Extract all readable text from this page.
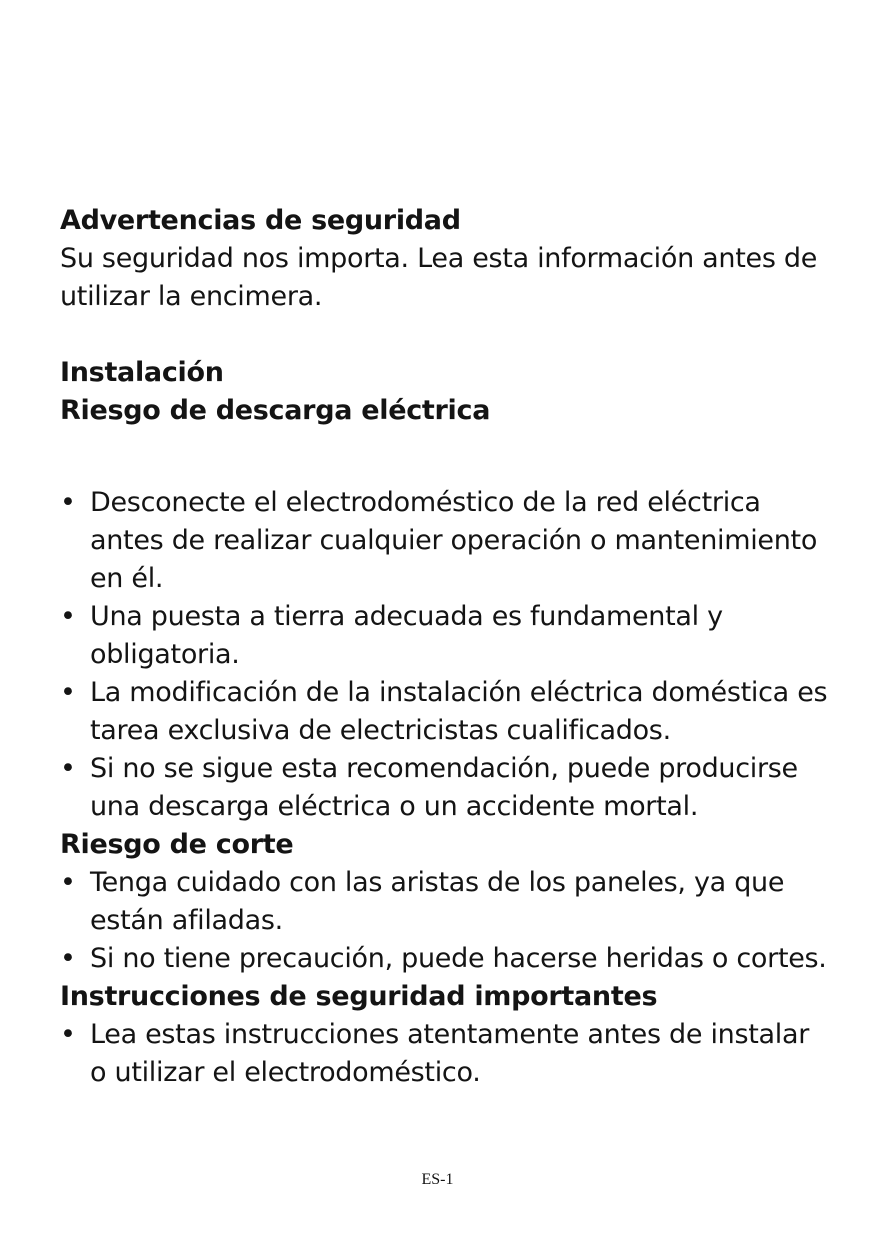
Advertencias de seguridad

Su seguridad nos importa. Lea esta información antes de utilizar la encimera.

Instalación

Riesgo de descarga eléctrica

• Desconecte el electrodoméstico de la red eléctrica antes de realizar cualquier operación o mantenimiento en él.
• Una puesta a tierra adecuada es fundamental y obligatoria.
• La modificación de la instalación eléctrica doméstica es tarea exclusiva de electricistas cualificados.
• Si no se sigue esta recomendación, puede producirse una descarga eléctrica o un accidente mortal.

Riesgo de corte

• Tenga cuidado con las aristas de los paneles, ya que están afiladas.
• Si no tiene precaución, puede hacerse heridas o cortes.

Instrucciones de seguridad importantes

• Lea estas instrucciones atentamente antes de instalar o utilizar el electrodoméstico.
ES-1
